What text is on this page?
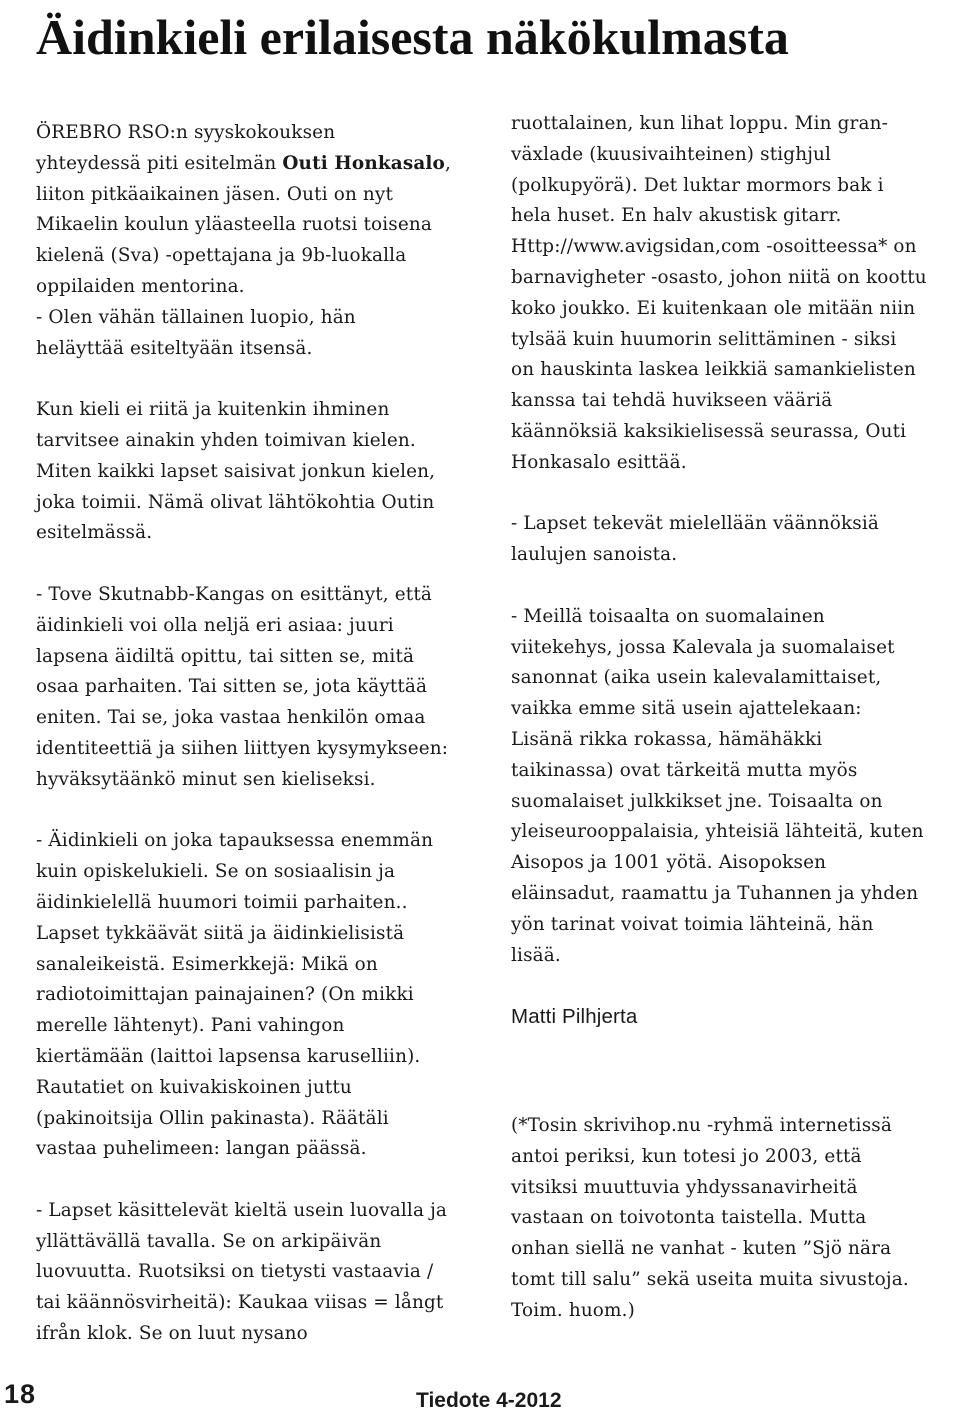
Äidinkieli erilaisesta näkökulmasta

ÖREBRO RSO:n syyskokouksen
yhteydessä piti esitelmän Outi Honkasalo,
liiton pitkäaikainen jäsen. Outi on nyt
Mikaelin koulun yläasteella ruotsi toisena
kielenä (Sva) -opettajana ja 9b-luokalla
oppilaiden mentorina.
- Olen vähän tällainen luopio, hän
heläyttää esiteltyään itsensä.

Kun kieli ei riitä ja kuitenkin ihminen
tarvitsee ainakin yhden toimivan kielen.
Miten kaikki lapset saisivat jonkun kielen,
joka toimii. Nämä olivat lähtökohtia Outin
esitelmässä.

- Tove Skutnabb-Kangas on esittänyt, että
äidinkieli voi olla neljä eri asiaa: juuri
lapsena äidiltä opittu, tai sitten se, mitä
osaa parhaiten. Tai sitten se, jota käyttää
eniten. Tai se, joka vastaa henkilön omaa
identiteettiä ja siihen liittyen kysymykseen:
hyväksytäänkö minut sen kieliseksi.

- Äidinkieli on joka tapauksessa enemmän
kuin opiskelukieli. Se on sosiaalisin ja
äidinkielellä huumori toimii parhaiten..
Lapset tykkäävät siitä ja äidinkielisistä
sanaleikeistä. Esimerkkejä: Mikä on
radiotoimittajan painajainen? (On mikki
merelle lähtenyt). Pani vahingon
kiertämään (laittoi lapsensa karuselliin).
Rautatiet on kuivakiskoinen juttu
(pakinoitsija Ollin pakinasta). Räätäli
vastaa puhelimeen: langan päässä.

- Lapset käsittelevät kieltä usein luovalla ja
yllättävällä tavalla. Se on arkipäivän
luovuutta. Ruotsiksi on tietysti vastaavia /
tai käännösvirheitä): Kaukaa viisas = långt
ifrån klok. Se on luut nysano

ruottalainen, kun lihat loppu. Min gran-
växlade (kuusivaihteinen) stighjul
(polkupyörä). Det luktar mormors bak i
hela huset. En halv akustisk gitarr.
Http://www.avigsidan,com -osoitteessa* on
barnavigheter -osasto, johon niitä on koottu
koko joukko. Ei kuitenkaan ole mitään niin
tylsää kuin huumorin selittäminen - siksi
on hauskinta laskea leikkiä samankielisten
kanssa tai tehdä huvikseen vääriä
käännöksiä kaksikielisessä seurassa, Outi
Honkasalo esittää.

- Lapset tekevät mielellään väännöksiä
laulujen sanoista.

- Meillä toisaalta on suomalainen
viitekehys, jossa Kalevala ja suomalaiset
sanonnat (aika usein kalevalamittaiset,
vaikka emme sitä usein ajattelekaan:
Lisänä rikka rokassa, hämähäkki
taikinassa) ovat tärkeitä mutta myös
suomalaiset julkkikset jne. Toisaalta on
yleiseurooppalaisia, yhteisiä lähteitä, kuten
Aisopos ja 1001 yötä. Aisopoksen
eläinsadut, raamattu ja Tuhannen ja yhden
yön tarinat voivat toimia lähteinä, hän
lisää.

Matti Pilhjerta

(*Tosin skrivihop.nu -ryhmä internetissä
antoi periksi, kun totesi jo 2003, että
vitsiksi muuttuvia yhdyssanavirheitä
vastaan on toivotonta taistella. Mutta
onhan siellä ne vanhat - kuten ”Sjö nära
tomt till salu” sekä useita muita sivustoja.
Toim. huom.)

18	Tiedote 4-2012
